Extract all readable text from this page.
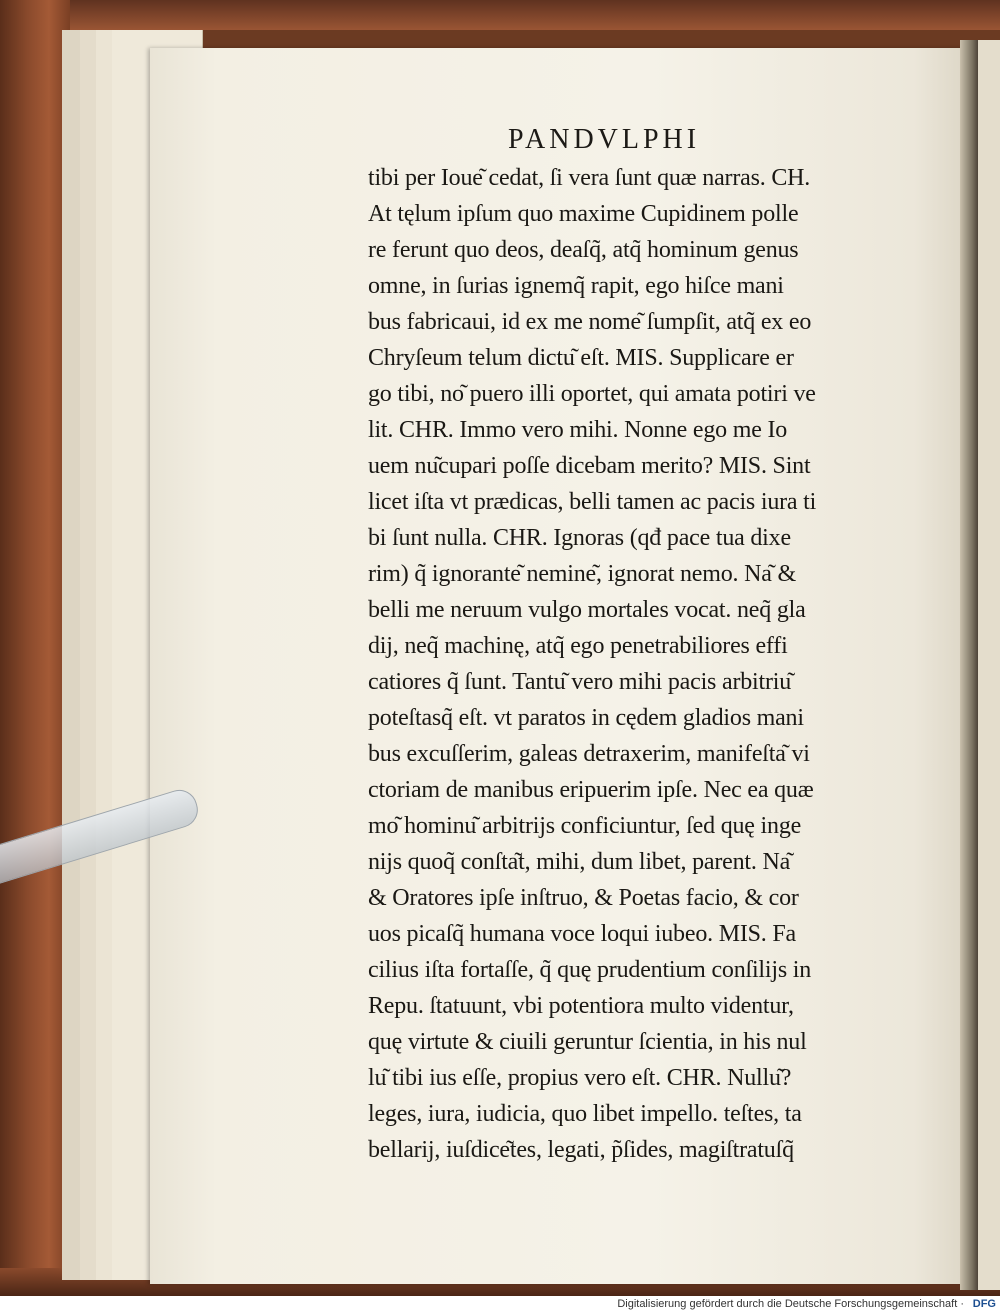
PANDVLPHI
tibi per Ioue͂ cedat, ſi vera ſunt quæ narras. CH.
At tęlum ipſum quo maxime Cupidinem polle
re ferunt quo deos, deaſq̃, atq̃ hominum genus
omne, in ſurias ignemq̃ rapit, ego hiſce mani
bus fabricaui, id ex me nome͂ ſumpſit, atq̃ ex eo
Chryſeum telum dictu͂ eſt. MIS. Supplicare er
go tibi, no͂ puero illi oportet, qui amata potiri ve
lit. CHR. Immo vero mihi. Nonne ego me Io
uem nu͂cupari poſſe dicebam merito? MIS. Sint
licet iſta vt prædicas, belli tamen ac pacis iura ti
bi ſunt nulla. CHR. Ignoras (qđ pace tua dixe
rim) q̃ ignorante͂ nemine͂, ignorat nemo. Na͂ &
belli me neruum vulgo mortales vocat. neq̃ gla
dij, neq̃ machinę, atq̃ ego penetrabiliores effi
catiores q̃ ſunt. Tantu͂ vero mihi pacis arbitriu͂
poteſtasq̃ eſt. vt paratos in cędem gladios mani
bus excuſſerim, galeas detraxerim, manifeſta͂ vi
ctoriam de manibus eripuerim ipſe. Nec ea quæ
mo͂ hominu͂ arbitrijs conficiuntur, ſed quę inge
nijs quoq̃ conſta͂t, mihi, dum libet, parent. Na͂
& Oratores ipſe inſtruo, & Poetas facio, & cor
uos picaſq̃ humana voce loqui iubeo. MIS. Fa
cilius iſta fortaſſe, q̃ quę prudentium conſilijs in
Repu. ſtatuunt, vbi potentiora multo videntur,
quę virtute & ciuili geruntur ſcientia, in his nul
lu͂ tibi ius eſſe, propius vero eſt. CHR. Nullu͂?
leges, iura, iudicia, quo libet impello. teſtes, ta
bellarij, iuſdice͂tes, legati, p̃ſides, magiſtratuſq̃
Digitalisierung gefördert durch die Deutsche Forschungsgemeinschaft · DFG
